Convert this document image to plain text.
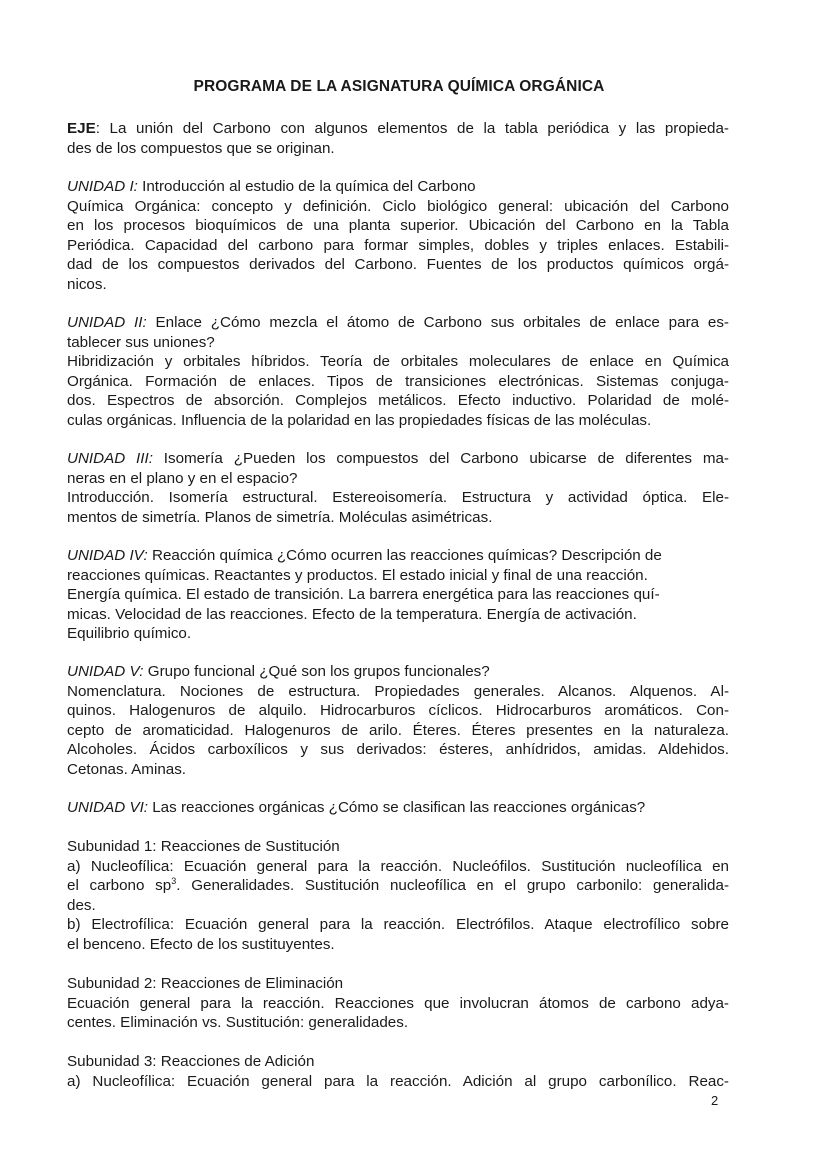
PROGRAMA DE LA ASIGNATURA QUÍMICA ORGÁNICA
EJE: La unión del Carbono con algunos elementos de la tabla periódica y las propieda-
des de los compuestos que se originan.
UNIDAD I: Introducción al estudio de la química del Carbono
Química Orgánica: concepto y definición. Ciclo biológico general: ubicación del Carbono
en los procesos bioquímicos de una planta superior. Ubicación del Carbono en la Tabla
Periódica. Capacidad del carbono para formar simples, dobles y triples enlaces. Estabili-
dad de los compuestos derivados del Carbono. Fuentes de los productos químicos orgá-
nicos.
UNIDAD II: Enlace ¿Cómo mezcla el átomo de Carbono sus orbitales de enlace para es-
tablecer sus uniones?
Hibridización y orbitales híbridos. Teoría de orbitales moleculares de enlace en Química
Orgánica. Formación de enlaces. Tipos de transiciones electrónicas. Sistemas conjuga-
dos. Espectros de absorción. Complejos metálicos. Efecto inductivo. Polaridad de molé-
culas orgánicas. Influencia de la polaridad en las propiedades físicas de las moléculas.
UNIDAD III: Isomería ¿Pueden los compuestos del Carbono ubicarse de diferentes ma-
neras en el plano y en el espacio?
Introducción. Isomería estructural. Estereoisomería. Estructura y actividad óptica. Ele-
mentos de simetría. Planos de simetría. Moléculas asimétricas.
UNIDAD IV: Reacción química ¿Cómo ocurren las reacciones químicas? Descripción de
reacciones químicas. Reactantes y productos. El estado inicial y final de una reacción.
Energía química. El estado de transición. La barrera energética para las reacciones quí-
micas. Velocidad de las reacciones. Efecto de la temperatura. Energía de activación.
Equilibrio químico.
UNIDAD V: Grupo funcional ¿Qué son los grupos funcionales?
Nomenclatura. Nociones de estructura. Propiedades generales. Alcanos. Alquenos. Al-
quinos. Halogenuros de alquilo. Hidrocarburos cíclicos. Hidrocarburos aromáticos. Con-
cepto de aromaticidad. Halogenuros de arilo. Éteres. Éteres presentes en la naturaleza.
Alcoholes. Ácidos carboxílicos y sus derivados: ésteres, anhídridos, amidas. Aldehidos.
Cetonas. Aminas.
UNIDAD VI: Las reacciones orgánicas ¿Cómo se clasifican las reacciones orgánicas?
Subunidad 1: Reacciones de Sustitución
a) Nucleofílica: Ecuación general para la reacción. Nucleófilos. Sustitución nucleofílica en
el carbono $sp^3$. Generalidades. Sustitución nucleofílica en el grupo carbonilo: generalida-
des.
b) Electrofílica: Ecuación general para la reacción. Electrófilos. Ataque electrofílico sobre
el benceno. Efecto de los sustituyentes.
Subunidad 2: Reacciones de Eliminación
Ecuación general para la reacción. Reacciones que involucran átomos de carbono adya-
centes. Eliminación vs. Sustitución: generalidades.
Subunidad 3: Reacciones de Adición
a) Nucleofílica: Ecuación general para la reacción. Adición al grupo carbonílico. Reac-
2
